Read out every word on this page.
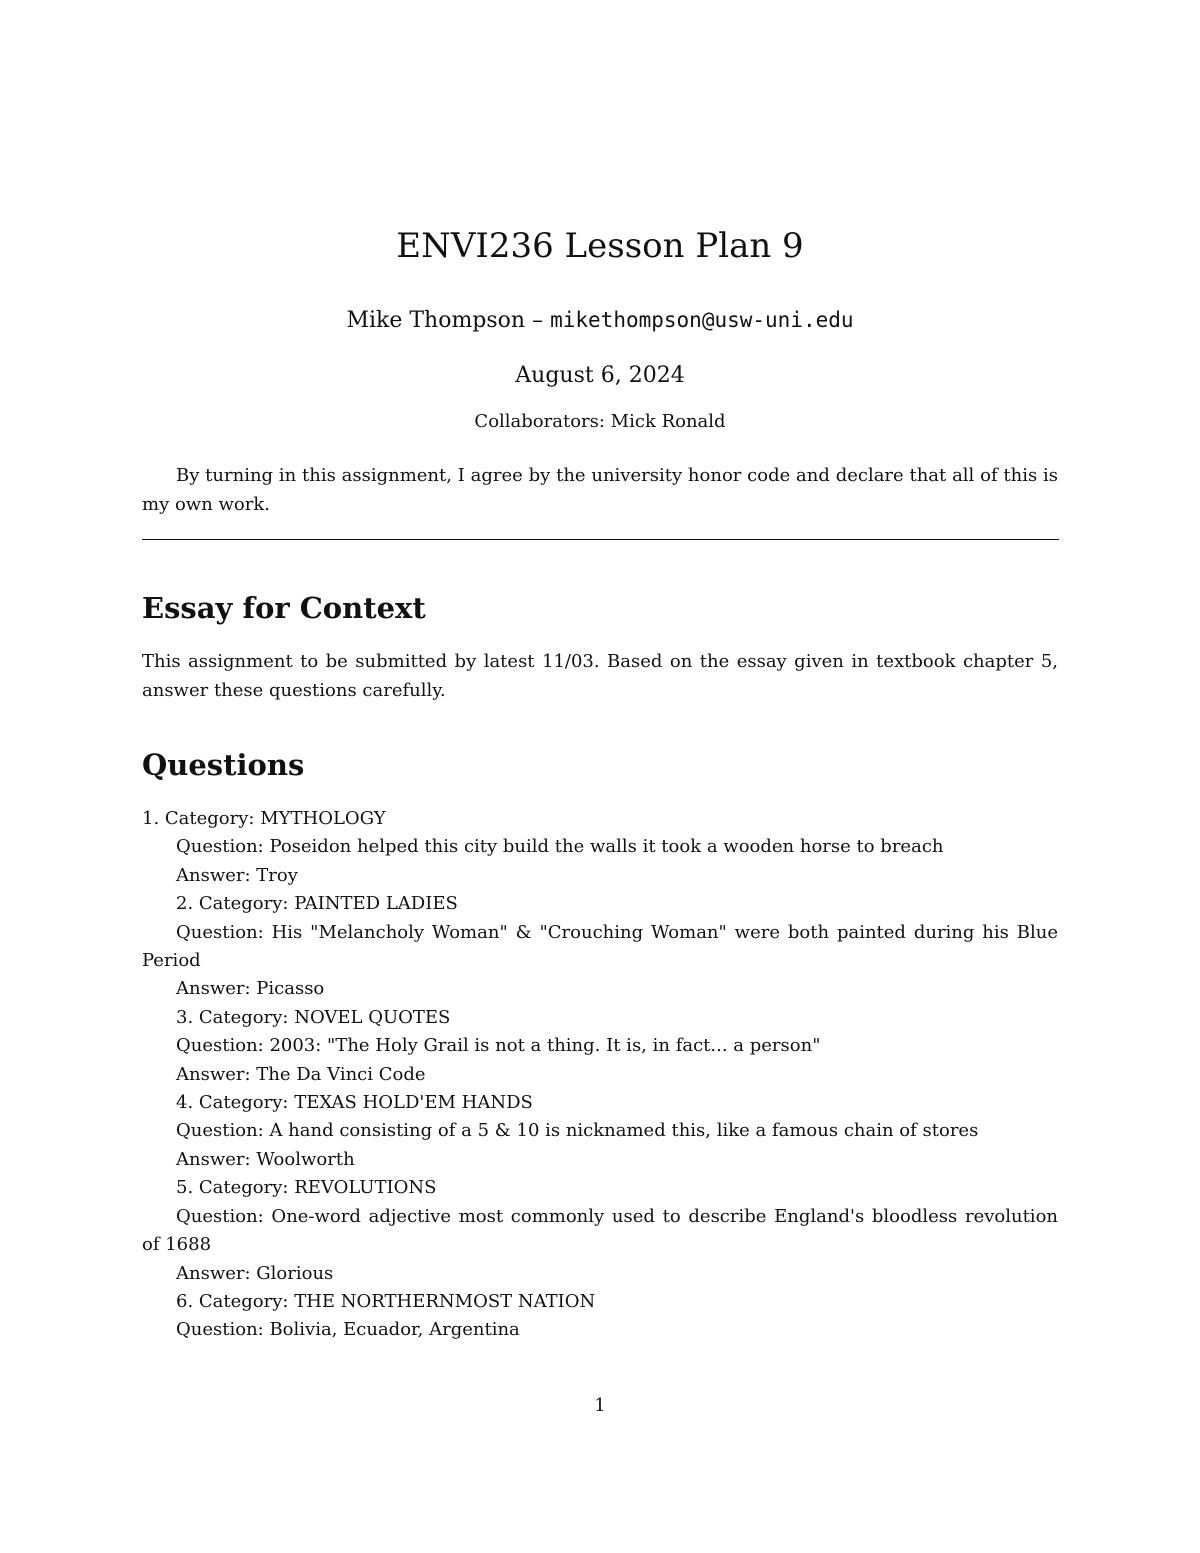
ENVI236 Lesson Plan 9
Mike Thompson – mikethompson@usw-uni.edu
August 6, 2024
Collaborators: Mick Ronald

By turning in this assignment, I agree by the university honor code and declare that all of this is my own work.

Essay for Context

This assignment to be submitted by latest 11/03. Based on the essay given in textbook chapter 5, answer these questions carefully.

Questions

1. Category: MYTHOLOGY

Question: Poseidon helped this city build the walls it took a wooden horse to breach

Answer: Troy

2. Category: PAINTED LADIES

Question: His "Melancholy Woman" & "Crouching Woman" were both painted during his Blue Period

Answer: Picasso

3. Category: NOVEL QUOTES

Question: 2003: "The Holy Grail is not a thing. It is, in fact... a person"

Answer: The Da Vinci Code

4. Category: TEXAS HOLD'EM HANDS

Question: A hand consisting of a 5 & 10 is nicknamed this, like a famous chain of stores

Answer: Woolworth

5. Category: REVOLUTIONS

Question: One-word adjective most commonly used to describe England's bloodless revolution of 1688

Answer: Glorious

6. Category: THE NORTHERNMOST NATION

Question: Bolivia, Ecuador, Argentina

1
